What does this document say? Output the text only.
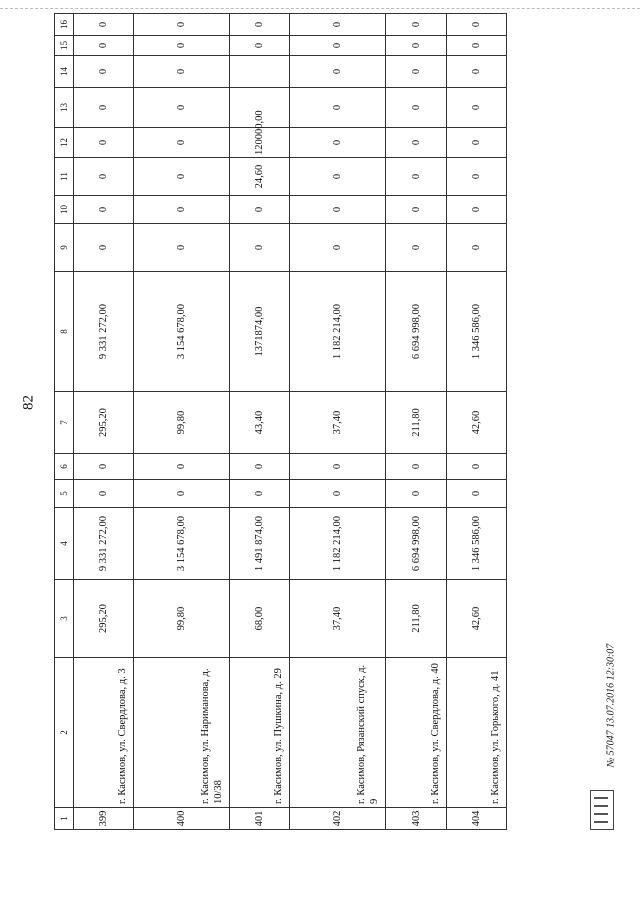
82
1	2	3	4	5	6	7	8	9	10	11	12	13	14	15	16
399	г. Касимов, ул. Свердлова, д. 3	295,20	9 331 272,00	0	0	295,20	9 331 272,00	0	0	0	0	0	0	0	0
400	г. Касимов, ул. Нариманова, д. 10/38	99,80	3 154 678,00	0	0	99,80	3 154 678,00	0	0	0	0	0	0	0	0
401	г. Касимов, ул. Пушкина, д. 29	68,00	1 491 874,00	0	0	43,40	1371874,00	0	0	24,60	120000,00			0	0
402	г. Касимов, Рязанский спуск, д. 9	37,40	1 182 214,00	0	0	37,40	1 182 214,00	0	0	0	0	0	0	0	0
403	г. Касимов, ул. Свердлова, д. 40	211,80	6 694 998,00	0	0	211,80	6 694 998,00	0	0	0	0	0	0	0	0
404	г. Касимов, ул. Горького, д. 41	42,60	1 346 586,00	0	0	42,60	1 346 586,00	0	0	0	0	0	0	0	0
№ 57047 13.07.2016 12:30:07
